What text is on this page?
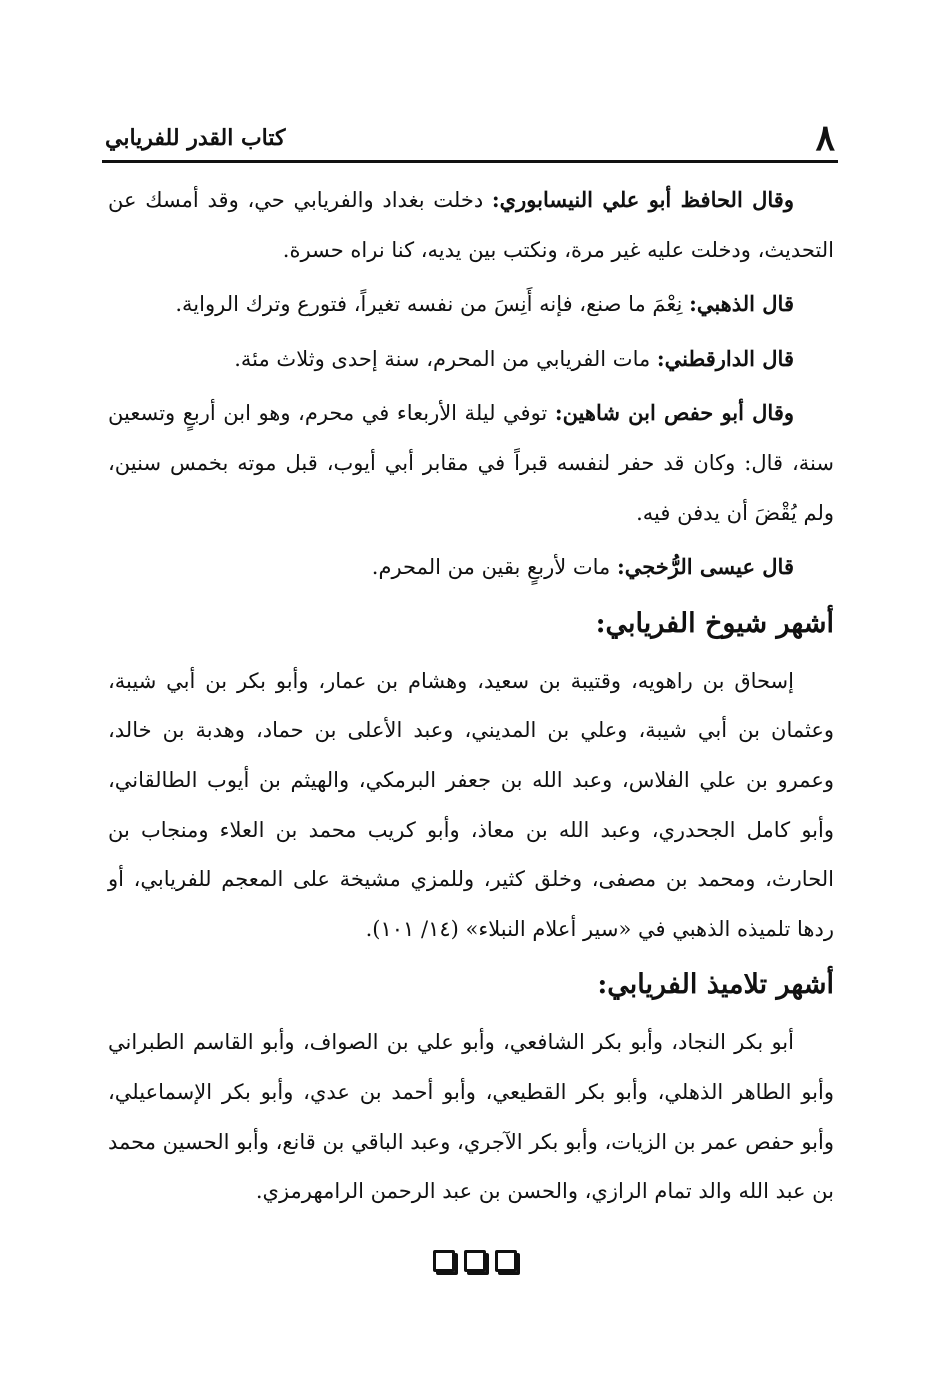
٨
كتاب القدر للفريابي

وقال الحافظ أبو علي النيسابوري: دخلت بغداد والفريابي حي، وقد أمسك عن التحديث، ودخلت عليه غير مرة، ونكتب بين يديه، كنا نراه حسرة.

قال الذهبي: نِعْمَ ما صنع، فإنه أَنِسَ من نفسه تغيراً، فتورع وترك الرواية.

قال الدارقطني: مات الفريابي من المحرم، سنة إحدى وثلاث مئة.

وقال أبو حفص ابن شاهين: توفي ليلة الأربعاء في محرم، وهو ابن أربعٍ وتسعين سنة، قال: وكان قد حفر لنفسه قبراً في مقابر أبي أيوب، قبل موته بخمس سنين، ولم يُقْضَ أن يدفن فيه.

قال عيسى الرُّخجي: مات لأربعٍ بقين من المحرم.

أشهر شيوخ الفريابي:

إسحاق بن راهويه، وقتيبة بن سعيد، وهشام بن عمار، وأبو بكر بن أبي شيبة، وعثمان بن أبي شيبة، وعلي بن المديني، وعبد الأعلى بن حماد، وهدبة بن خالد، وعمرو بن علي الفلاس، وعبد الله بن جعفر البرمكي، والهيثم بن أيوب الطالقاني، وأبو كامل الجحدري، وعبد الله بن معاذ، وأبو كريب محمد بن العلاء ومنجاب بن الحارث، ومحمد بن مصفى، وخلق كثير، وللمزي مشيخة على المعجم للفريابي، أو ردها تلميذه الذهبي في «سير أعلام النبلاء» (١٤/ ١٠١).

أشهر تلاميذ الفريابي:

أبو بكر النجاد، وأبو بكر الشافعي، وأبو علي بن الصواف، وأبو القاسم الطبراني وأبو الطاهر الذهلي، وأبو بكر القطيعي، وأبو أحمد بن عدي، وأبو بكر الإسماعيلي، وأبو حفص عمر بن الزيات، وأبو بكر الآجري، وعبد الباقي بن قانع، وأبو الحسين محمد بن عبد الله والد تمام الرازي، والحسن بن عبد الرحمن الرامهرمزي.
